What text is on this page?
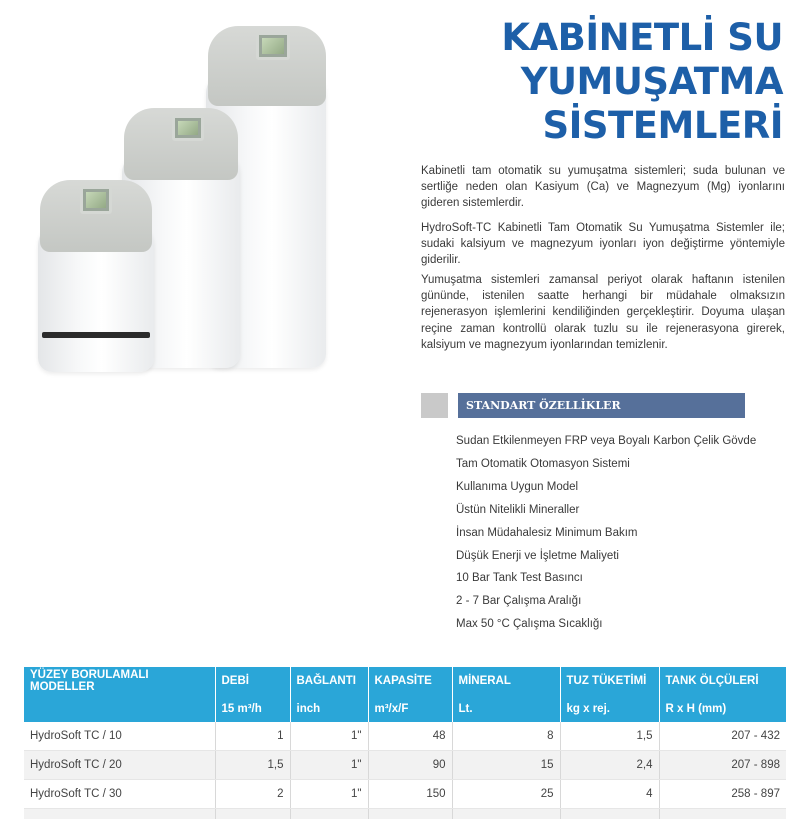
KABİNETLİ SU
YUMUŞATMA
SİSTEMLERİ

Kabinetli tam otomatik su yumuşatma sistemleri; suda bulunan ve sertliğe neden olan Kasiyum (Ca) ve Magnezyum (Mg) iyonlarını gideren sistemlerdir.

HydroSoft-TC Kabinetli Tam Otomatik Su Yumuşatma Sistemler ile; sudaki kalsiyum ve magnezyum iyonları iyon değiştirme yöntemiyle giderilir.

Yumuşatma sistemleri zamansal periyot olarak haftanın istenilen gününde, istenilen saatte herhangi bir müdahale olmaksızın rejenerasyon işlemlerini kendiliğinden gerçekleştirir. Doyuma ulaşan reçine zaman kontrollü olarak tuzlu su ile rejenerasyona girerek, kalsiyum ve magnezyum iyonlarından temizlenir.

STANDART ÖZELLİKLER
Sudan Etkilenmeyen FRP veya Boyalı Karbon Çelik Gövde
Tam Otomatik Otomasyon Sistemi
Kullanıma Uygun Model
Üstün Nitelikli Mineraller
İnsan Müdahalesiz Minimum Bakım
Düşük Enerji ve İşletme Maliyeti
10 Bar Tank Test Basıncı
2 - 7 Bar Çalışma Aralığı
Max 50 °C Çalışma Sıcaklığı
YÜZEY BORULAMALI MODELLER	DEBİ	BAĞLANTI	KAPASİTE	MİNERAL	TUZ TÜKETİMİ	TANK ÖLÇÜLERİ
	15 m³/h	inch	m³/x/F	Lt.	kg x rej.	R x H (mm)
HydroSoft TC / 10	1	1"	48	8	1,5	207 - 432
HydroSoft TC / 20	1,5	1"	90	15	2,4	207 - 898
HydroSoft TC / 30	2	1"	150	25	4	258 - 897
